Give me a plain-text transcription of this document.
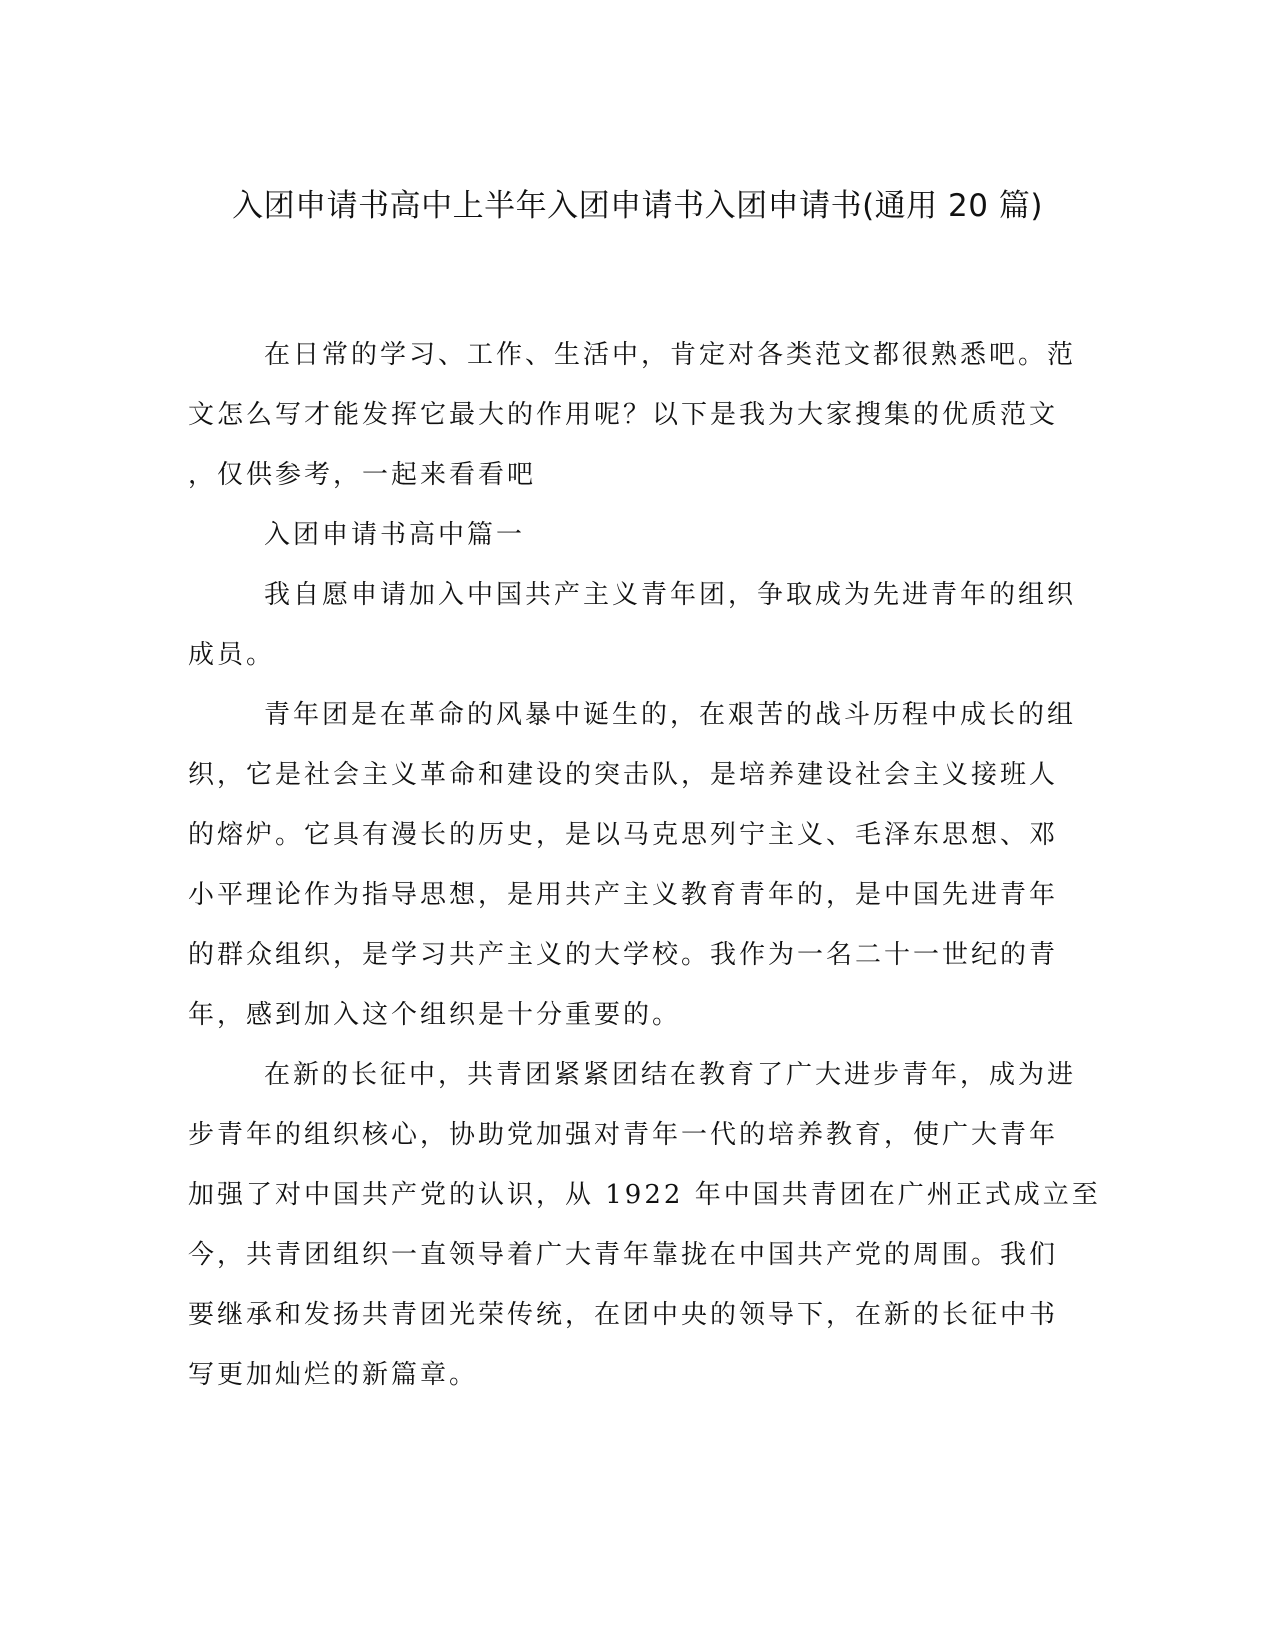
入团申请书高中上半年入团申请书入团申请书(通用 20 篇)

在日常的学习、工作、生活中，肯定对各类范文都很熟悉吧。范
文怎么写才能发挥它最大的作用呢？以下是我为大家搜集的优质范文
，仅供参考，一起来看看吧

入团申请书高中篇一

我自愿申请加入中国共产主义青年团，争取成为先进青年的组织
成员。

青年团是在革命的风暴中诞生的，在艰苦的战斗历程中成长的组
织，它是社会主义革命和建设的突击队，是培养建设社会主义接班人
的熔炉。它具有漫长的历史，是以马克思列宁主义、毛泽东思想、邓
小平理论作为指导思想，是用共产主义教育青年的，是中国先进青年
的群众组织，是学习共产主义的大学校。我作为一名二十一世纪的青
年，感到加入这个组织是十分重要的。

在新的长征中，共青团紧紧团结在教育了广大进步青年，成为进
步青年的组织核心，协助党加强对青年一代的培养教育，使广大青年
加强了对中国共产党的认识，从 1922 年中国共青团在广州正式成立至
今，共青团组织一直领导着广大青年靠拢在中国共产党的周围。我们
要继承和发扬共青团光荣传统，在团中央的领导下，在新的长征中书
写更加灿烂的新篇章。
